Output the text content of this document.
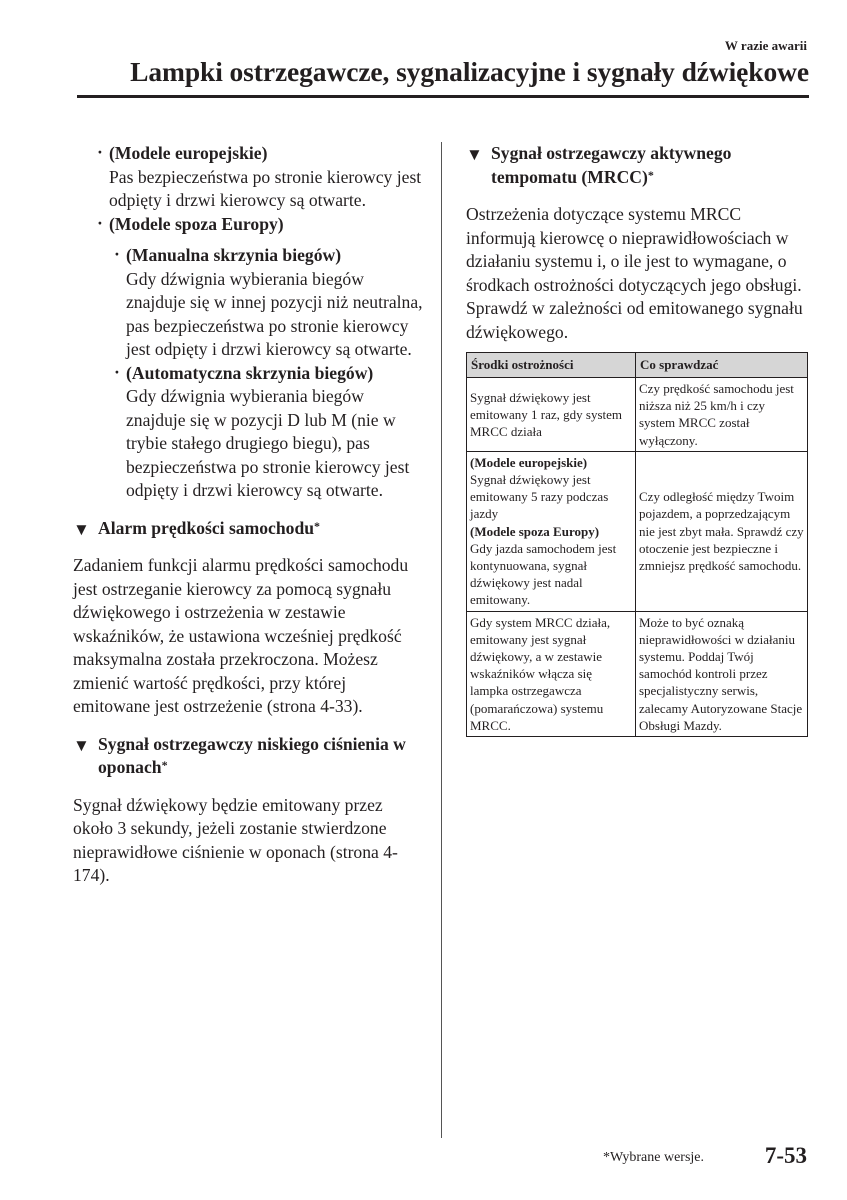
W razie awarii
Lampki ostrzegawcze, sygnalizacyjne i sygnały dźwiękowe
· (Modele europejskie)
Pas bezpieczeństwa po stronie kierowcy jest odpięty i drzwi kierowcy są otwarte.
· (Modele spoza Europy)
· (Manualna skrzynia biegów)
Gdy dźwignia wybierania biegów znajduje się w innej pozycji niż neutralna, pas bezpieczeństwa po stronie kierowcy jest odpięty i drzwi kierowcy są otwarte.
· (Automatyczna skrzynia biegów)
Gdy dźwignia wybierania biegów znajduje się w pozycji D lub M (nie w trybie stałego drugiego biegu), pas bezpieczeństwa po stronie kierowcy jest odpięty i drzwi kierowcy są otwarte.
▼ Alarm prędkości samochodu*

Zadaniem funkcji alarmu prędkości samochodu jest ostrzeganie kierowcy za pomocą sygnału dźwiękowego i ostrzeżenia w zestawie wskaźników, że ustawiona wcześniej prędkość maksymalna została przekroczona. Możesz zmienić wartość prędkości, przy której emitowane jest ostrzeżenie (strona 4-33).

▼ Sygnał ostrzegawczy niskiego ciśnienia w oponach*

Sygnał dźwiękowy będzie emitowany przez około 3 sekundy, jeżeli zostanie stwierdzone nieprawidłowe ciśnienie w oponach (strona 4-174).

▼ Sygnał ostrzegawczy aktywnego tempomatu (MRCC)*

Ostrzeżenia dotyczące systemu MRCC informują kierowcę o nieprawidłowościach w działaniu systemu i, o ile jest to wymagane, o środkach ostrożności dotyczących jego obsługi.

Sprawdź w zależności od emitowanego sygnału dźwiękowego.

Środki ostrożności	Co sprawdzać
Sygnał dźwiękowy jest emitowany 1 raz, gdy system MRCC działa	Czy prędkość samochodu jest niższa niż 25 km/h i czy system MRCC został wyłączony.
(Modele europejskie)
Sygnał dźwiękowy jest emitowany 5 razy podczas jazdy
(Modele spoza Europy)
Gdy jazda samochodem jest kontynuowana, sygnał dźwiękowy jest nadal emitowany.	Czy odległość między Twoim pojazdem, a poprzedzającym nie jest zbyt mała. Sprawdź czy otoczenie jest bezpieczne i zmniejsz prędkość samochodu.
Gdy system MRCC działa, emitowany jest sygnał dźwiękowy, a w zestawie wskaźników włącza się lampka ostrzegawcza (pomarańczowa) systemu MRCC.	Może to być oznaką nieprawidłowości w działaniu systemu. Poddaj Twój samochód kontroli przez specjalistyczny serwis, zalecamy Autoryzowane Stacje Obsługi Mazdy.
*Wybrane wersje.	7-53
